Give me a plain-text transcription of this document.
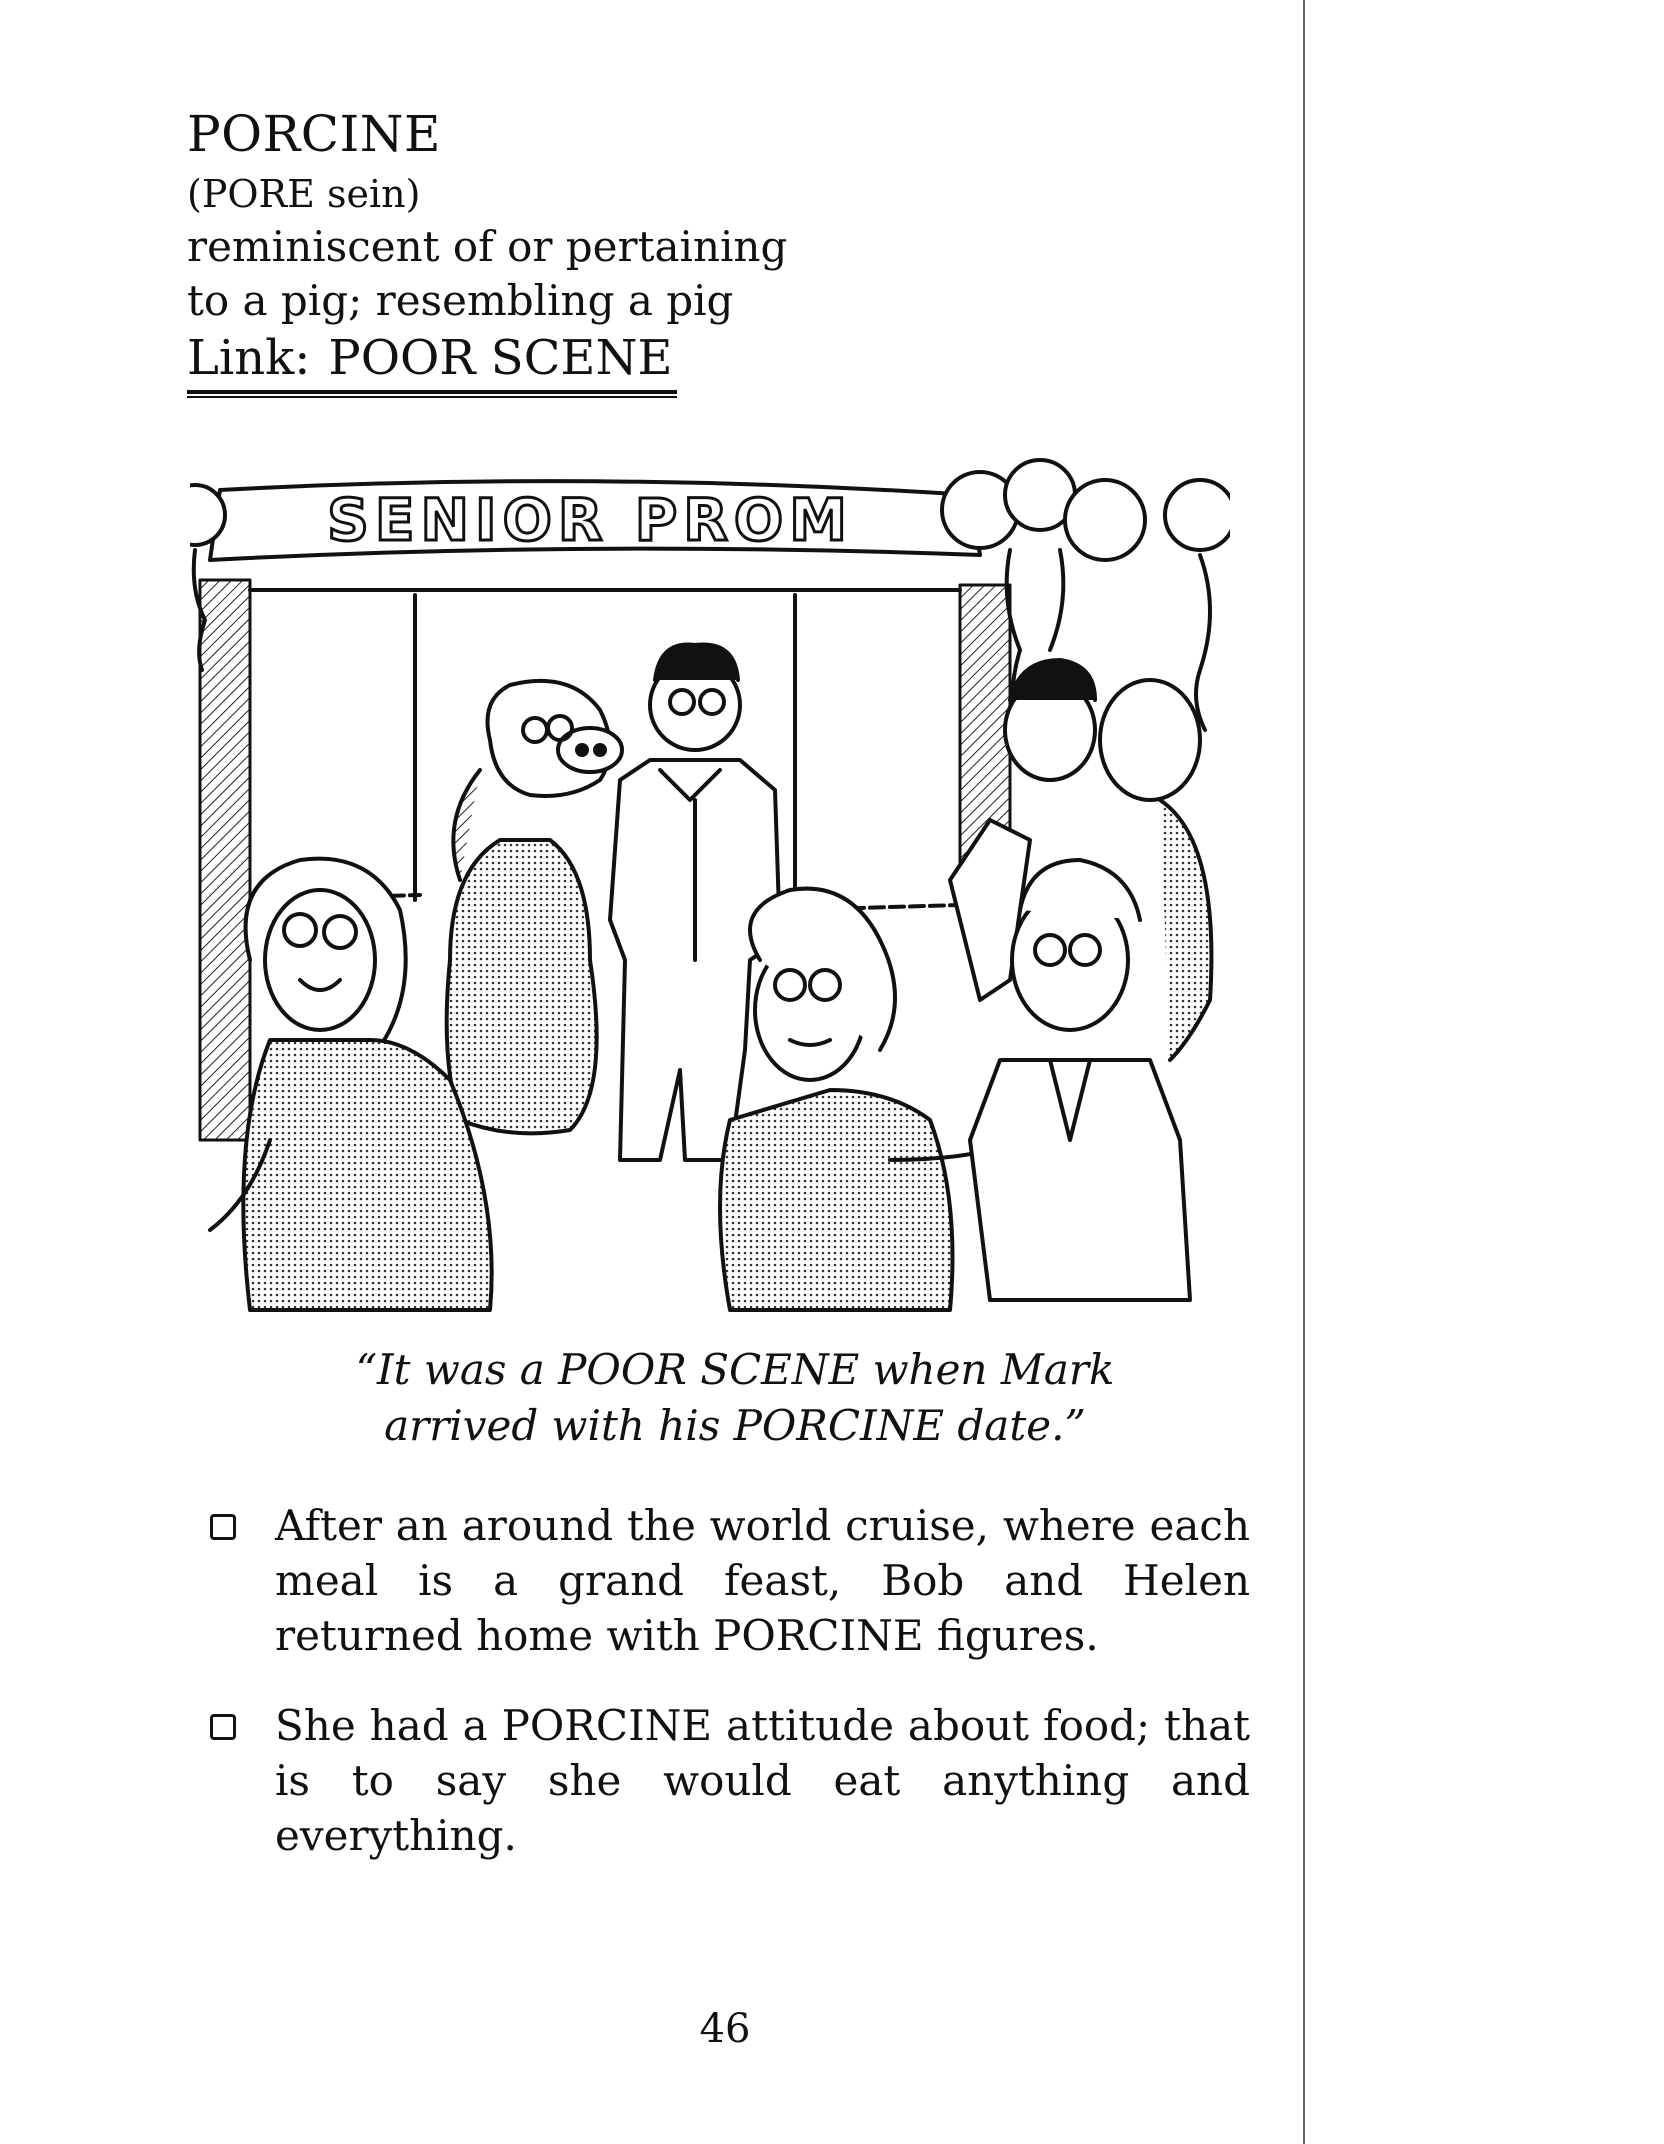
PORCINE
(PORE sein)
reminiscent of or pertaining
to a pig; resembling a pig
Link: POOR SCENE
SENIOR PROM
“It was a POOR SCENE when Mark
arrived with his PORCINE date.”
After an around the world cruise, where each meal is a grand feast, Bob and Helen returned home with PORCINE figures.
She had a PORCINE attitude about food; that is to say she would eat anything and everything.
46
